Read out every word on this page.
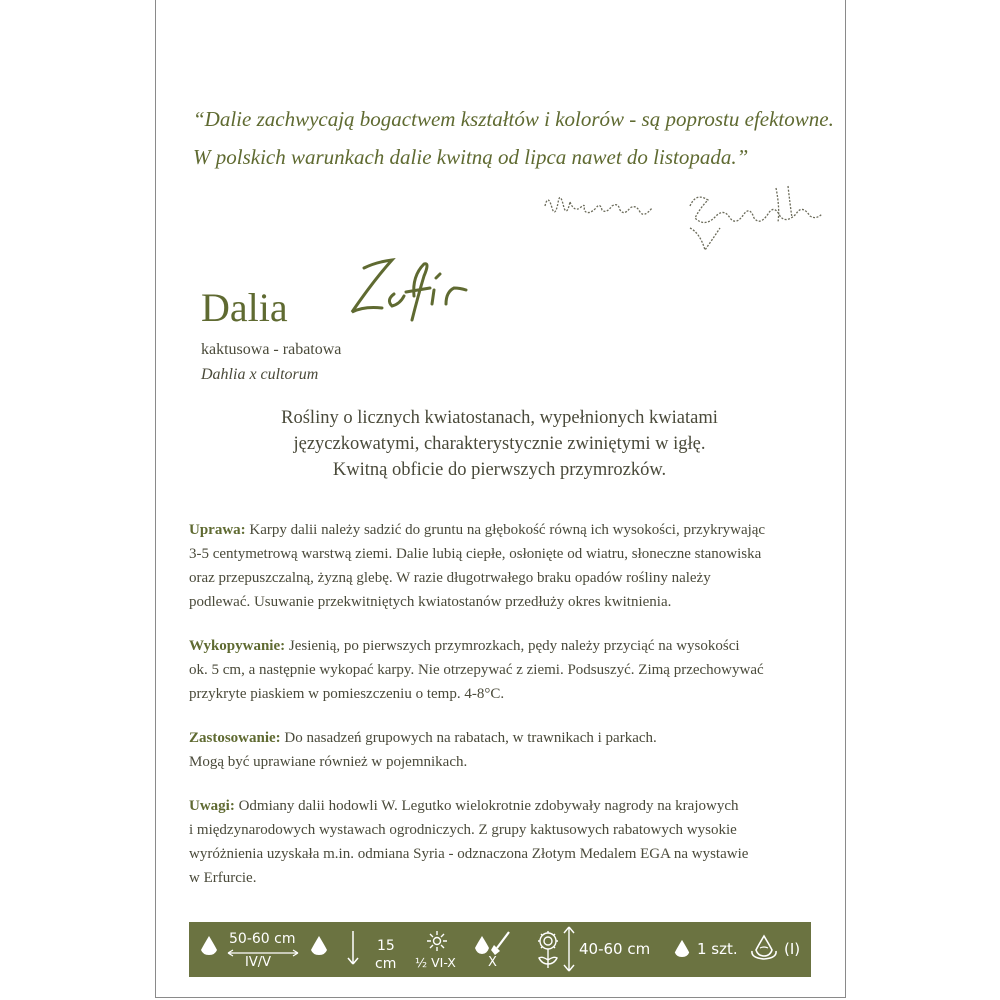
“Dalie zachwycają bogactwem kształtów i kolorów - są poprostu efektowne.
W polskich warunkach dalie kwitną od lipca nawet do listopada.”
Dalia
kaktusowa - rabatowa
Dahlia x cultorum
Rośliny o licznych kwiatostanach, wypełnionych kwiatami
języczkowatymi, charakterystycznie zwiniętymi w igłę.
Kwitną obficie do pierwszych przymrozków.
Uprawa: Karpy dalii należy sadzić do gruntu na głębokość równą ich wysokości, przykrywając
3-5 centymetrową warstwą ziemi. Dalie lubią ciepłe, osłonięte od wiatru, słoneczne stanowiska
oraz przepuszczalną, żyzną glebę. W razie długotrwałego braku opadów rośliny należy
podlewać. Usuwanie przekwitniętych kwiatostanów przedłuży okres kwitnienia.
Wykopywanie: Jesienią, po pierwszych przymrozkach, pędy należy przyciąć na wysokości
ok. 5 cm, a następnie wykopać karpy. Nie otrzepywać z ziemi. Podsuszyć. Zimą przechowywać
przykryte piaskiem w pomieszczeniu o temp. 4-8°C.
Zastosowanie: Do nasadzeń grupowych na rabatach, w trawnikach i parkach.
Mogą być uprawiane również w pojemnikach.
Uwagi: Odmiany dalii hodowli W. Legutko wielokrotnie zdobywały nagrody na krajowych
i międzynarodowych wystawach ogrodniczych. Z grupy kaktusowych rabatowych wysokie
wyróżnienia uzyskała m.in. odmiana Syria - odznaczona Złotym Medalem EGA na wystawie
w Erfurcie.
50-60 cm
IV/V
15
cm ½ VI-X X
40-60 cm	1 szt.	(I)
